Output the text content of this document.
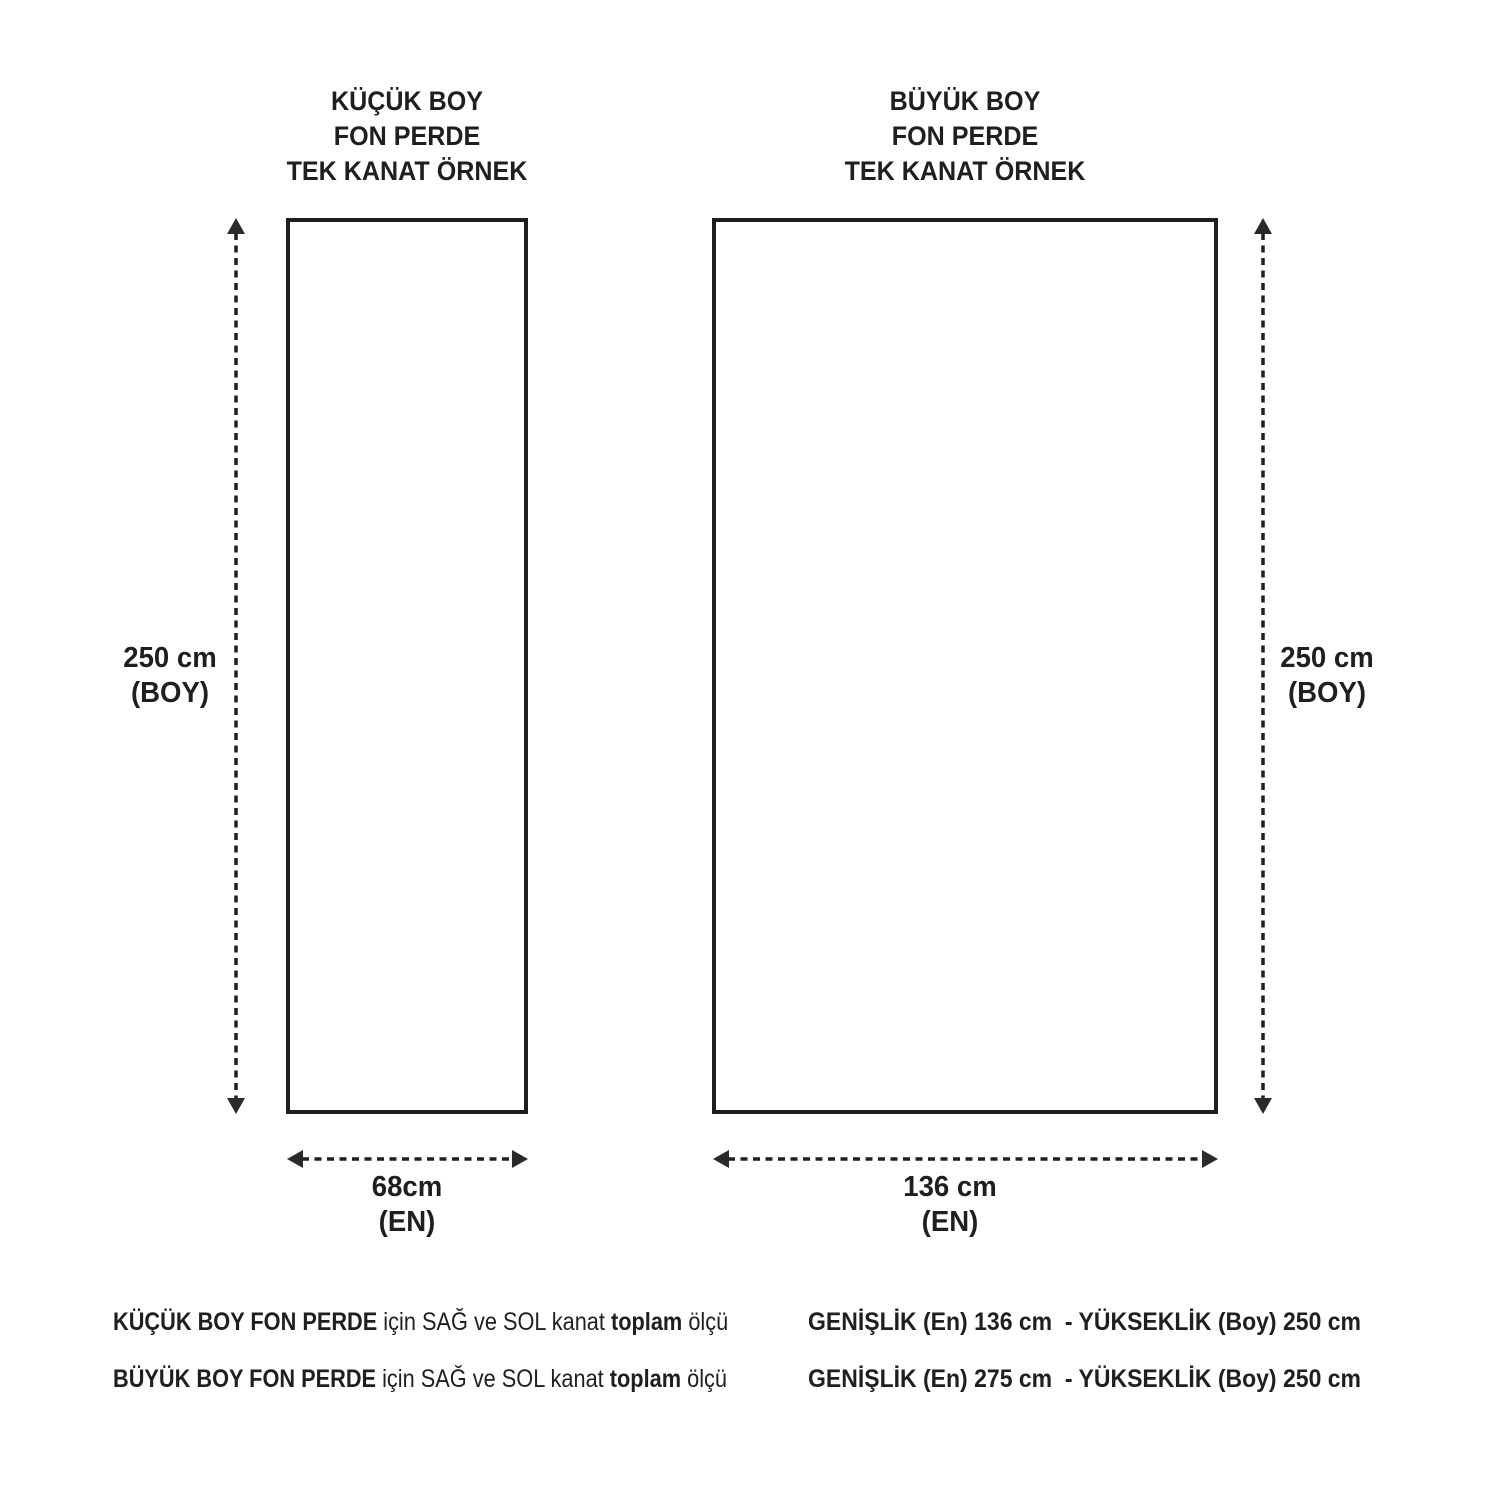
KÜÇÜK BOY
FON PERDE
TEK KANAT ÖRNEK
BÜYÜK BOY
FON PERDE
TEK KANAT ÖRNEK
250 cm
(BOY)
250 cm
(BOY)
68cm
(EN)
136 cm
(EN)
KÜÇÜK BOY FON PERDE için SAĞ ve SOL kanat toplam ölçü	GENİŞLİK (En) 136 cm  - YÜKSEKLİK (Boy) 250 cm
BÜYÜK BOY FON PERDE için SAĞ ve SOL kanat toplam ölçü	GENİŞLİK (En) 275 cm  - YÜKSEKLİK (Boy) 250 cm
